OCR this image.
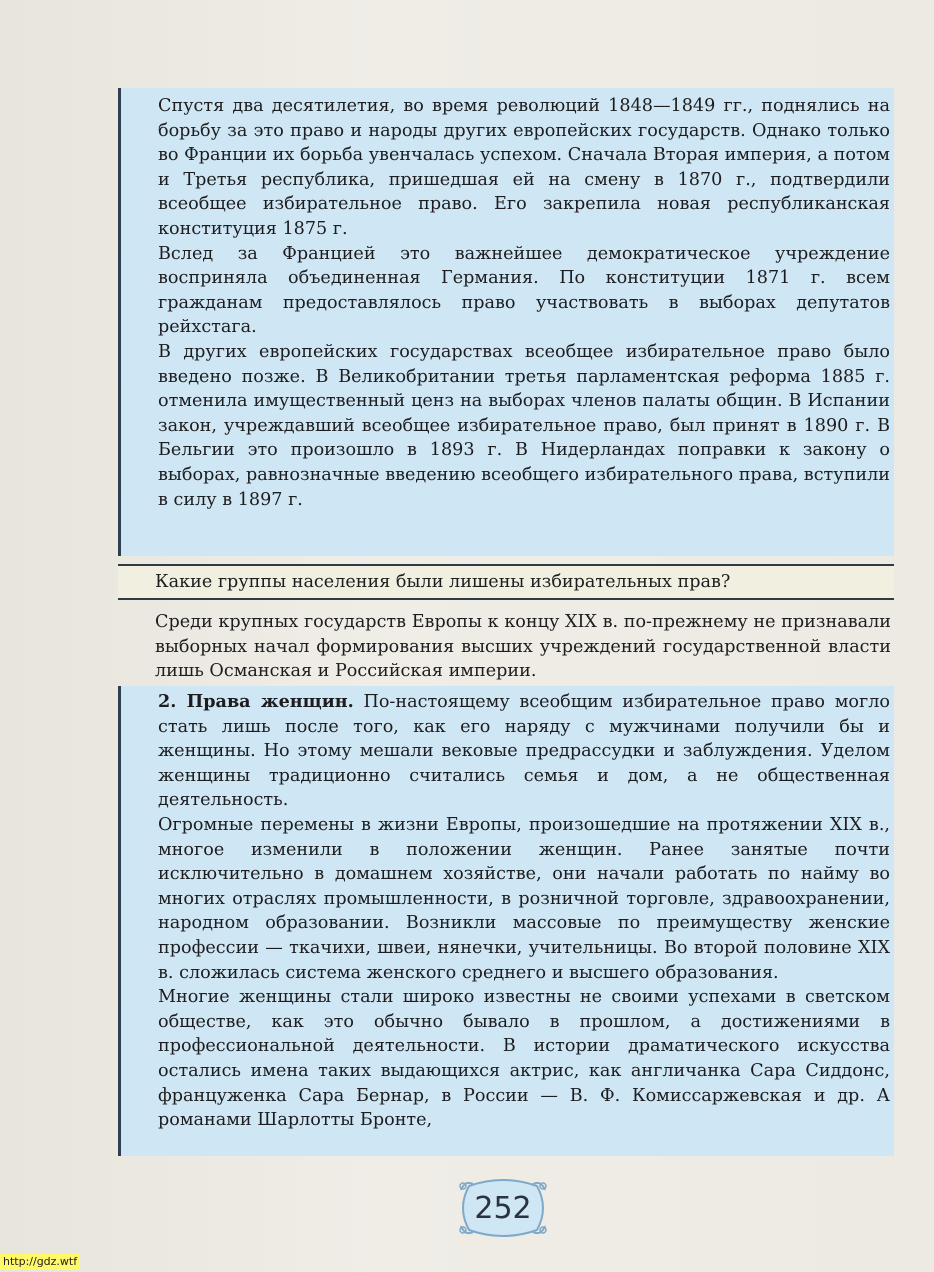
Спустя два десятилетия, во время революций 1848—1849 гг., поднялись на борьбу за это право и народы других европейских государств. Однако только во Франции их борьба увенчалась успехом. Сначала Вторая империя, а потом и Третья республика, пришедшая ей на смену в 1870 г., подтвердили всеобщее избирательное право. Его закрепила новая республиканская конституция 1875 г.

Вслед за Францией это важнейшее демократическое учреждение восприняла объединенная Германия. По конституции 1871 г. всем гражданам предоставлялось право участвовать в выборах депутатов рейхстага.

В других европейских государствах всеобщее избирательное право было введено позже. В Великобритании третья парламентская реформа 1885 г. отменила имущественный ценз на выборах членов палаты общин. В Испании закон, учреждавший всеобщее избирательное право, был принят в 1890 г. В Бельгии это произошло в 1893 г. В Нидерландах поправки к закону о выборах, равнозначные введению всеобщего избирательного права, вступили в силу в 1897 г.

Какие группы населения были лишены избирательных прав?
Среди крупных государств Европы к концу XIX в. по-прежнему не признавали выборных начал формирования высших учреждений государственной власти лишь Османская и Российская империи.

2. Права женщин. По-настоящему всеобщим избирательное право могло стать лишь после того, как его наряду с мужчинами получили бы и женщины. Но этому мешали вековые предрассудки и заблуждения. Уделом женщины традиционно считались семья и дом, а не общественная деятельность.

Огромные перемены в жизни Европы, произошедшие на протяжении XIX в., многое изменили в положении женщин. Ранее занятые почти исключительно в домашнем хозяйстве, они начали работать по найму во многих отраслях промышленности, в розничной торговле, здравоохранении, народном образовании. Возникли массовые по преимуществу женские профессии — ткачихи, швеи, нянечки, учительницы. Во второй половине XIX в. сложилась система женского среднего и высшего образования.

Многие женщины стали широко известны не своими успехами в светском обществе, как это обычно бывало в прошлом, а достижениями в профессиональной деятельности. В истории драматического искусства остались имена таких выдающихся актрис, как англичанка Сара Сиддонс, француженка Сара Бернар, в России — В. Ф. Комиссаржевская и др. А романами Шарлотты Бронте,

252
http://gdz.wtf
